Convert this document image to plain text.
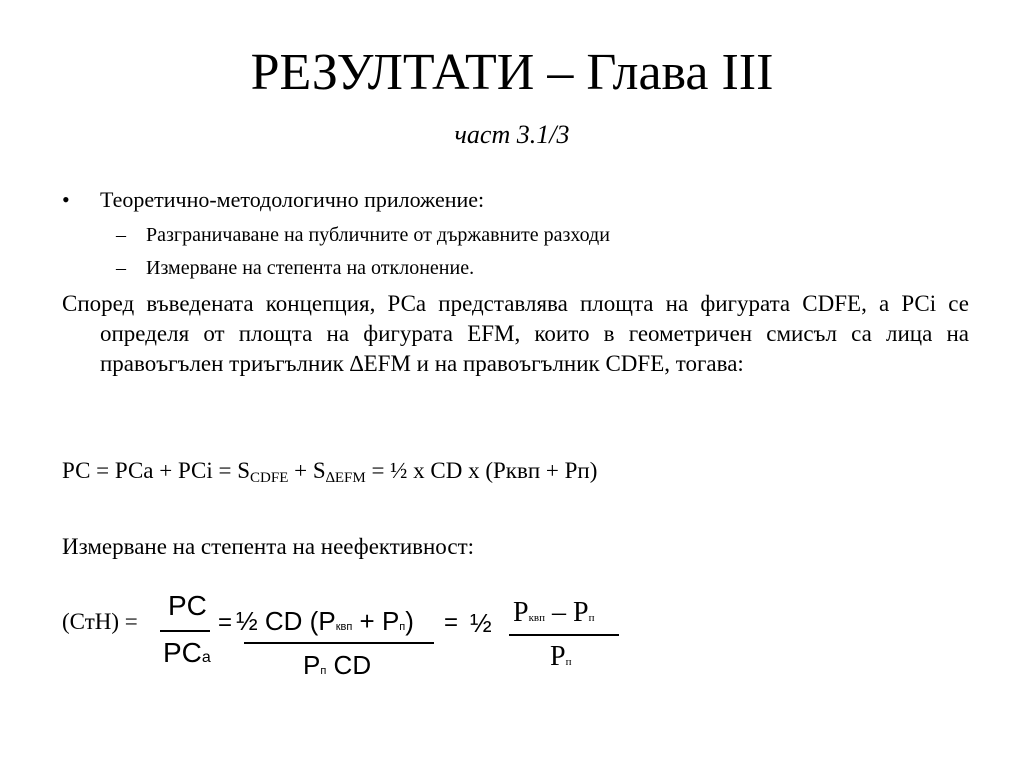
РЕЗУЛТАТИ – Глава III
част 3.1/3
• Теоретично-методологично приложение:
– Разграничаване на публичните от държавните разходи
– Измерване на степента на отклонение.
Според въведената концепция, РСа представлява площта на фигурата CDFE, а РСi се определя от площта на фигурата EFM, които в геометричен смисъл са лица на правоъгълен триъгълник ∆EFM и на правоъгълник CDFE, тогава:
РС = РСа + РСi = $S_{CDFE} + S_{\Delta EFM}$ = ½ х CD х (Рквп + Рп)
Измерване на степента на неефективност:
(СтН) =
PC
PCa
= ½ CD (Pквп + Pп)
Pп CD
= ½ Pквп – Pп
Pп
